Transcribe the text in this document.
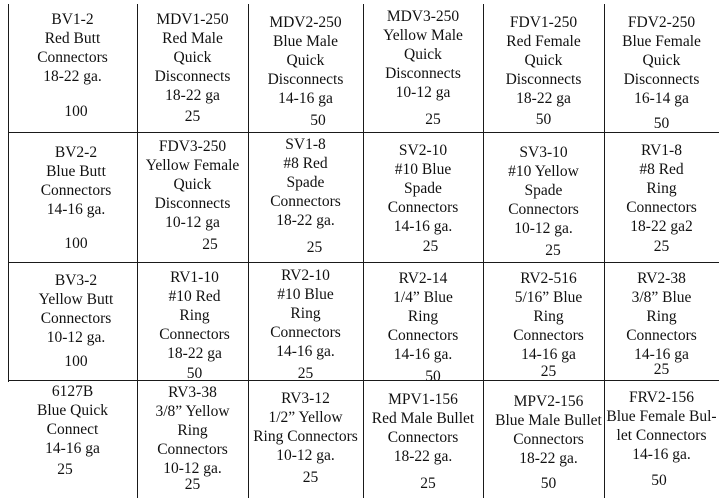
BV1-2
Red Butt
Connectors
18-22 ga.
100
MDV1-250
Red Male
Quick
Disconnects
18-22 ga
25
MDV2-250
Blue Male
Quick
Disconnects
14-16 ga
50
MDV3-250
Yellow Male
Quick
Disconnects
10-12 ga
25
FDV1-250
Red Female
Quick
Disconnects
18-22 ga
50
FDV2-250
Blue Female
Quick
Disconnects
16-14 ga
50
BV2-2
Blue Butt
Connectors
14-16 ga.
100
FDV3-250
Yellow Female
Quick
Disconnects
10-12 ga
25
SV1-8
#8 Red
Spade
Connectors
18-22 ga.
25
SV2-10
#10 Blue
Spade
Connectors
14-16 ga.
25
SV3-10
#10 Yellow
Spade
Connectors
10-12 ga.
25
RV1-8
#8 Red
Ring
Connectors
18-22 ga2
25
BV3-2
Yellow Butt
Connectors
10-12 ga.
100
RV1-10
#10 Red
Ring
Connectors
18-22 ga
50
RV2-10
#10 Blue
Ring
Connectors
14-16 ga.
25
RV2-14
1/4” Blue
Ring
Connectors
14-16 ga.
50
RV2-516
5/16” Blue
Ring
Connectors
14-16 ga
25
RV2-38
3/8” Blue
Ring
Connectors
14-16 ga
25
6127B
Blue Quick
Connect
14-16 ga
25
RV3-38
3/8” Yellow
Ring
Connectors
10-12 ga.
25
RV3-12
1/2” Yellow
Ring Connectors
10-12 ga.
25
MPV1-156
Red Male Bullet
Connectors
18-22 ga.
25
MPV2-156
Blue Male Bullet
Connectors
18-22 ga.
50
FRV2-156
Blue Female Bul-
let Connectors
14-16 ga.
50
